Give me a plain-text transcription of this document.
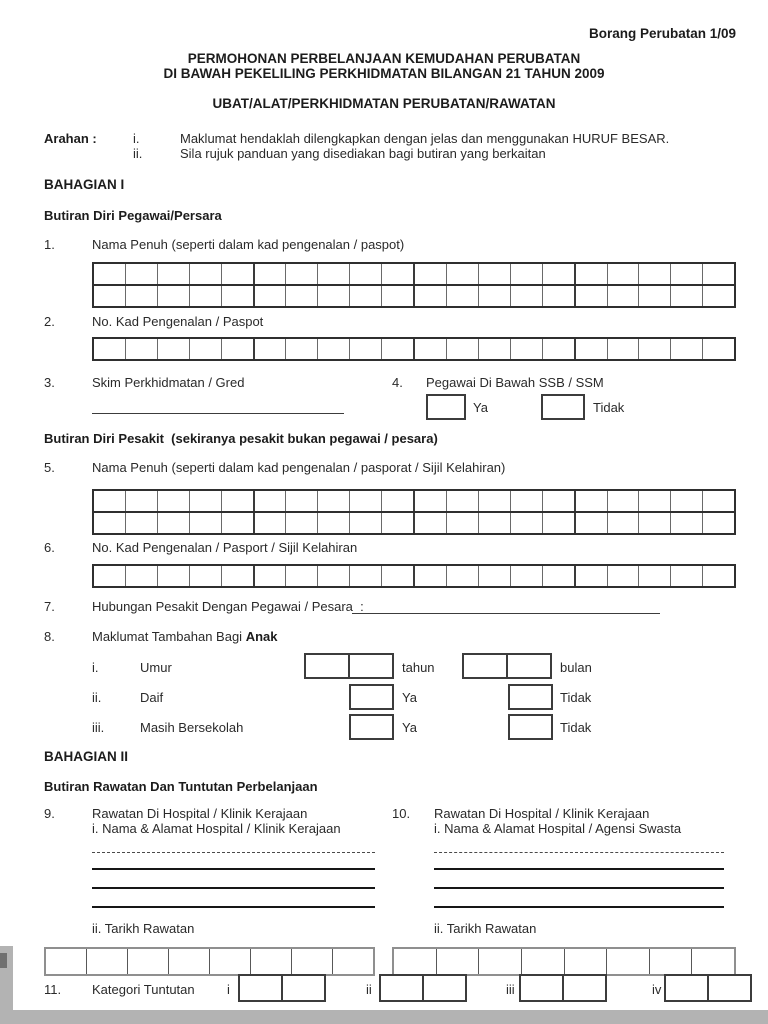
Borang Perubatan 1/09
PERMOHONAN PERBELANJAAN KEMUDAHAN PERUBATAN
DI BAWAH PEKELILING PERKHIDMATAN BILANGAN 21 TAHUN 2009
UBAT/ALAT/PERKHIDMATAN PERUBATAN/RAWATAN
Arahan :	i.	Maklumat hendaklah dilengkapkan dengan jelas dan menggunakan HURUF BESAR.
ii.	Sila rujuk panduan yang disediakan bagi butiran yang berkaitan
BAHAGIAN I
Butiran Diri Pegawai/Persara
1.	Nama Penuh (seperti dalam kad pengenalan / paspot)
2.	No. Kad Pengenalan / Paspot
3.	Skim Perkhidmatan / Gred	4. Pegawai Di Bawah SSB / SSM
Ya	Tidak
Butiran Diri Pesakit  (sekiranya pesakit bukan pegawai / pesara)
5.	Nama Penuh (seperti dalam kad pengenalan / pasporat / Sijil Kelahiran)
6.	No. Kad Pengenalan / Pasport / Sijil Kelahiran
7.	Hubungan Pesakit Dengan Pegawai / Pesara  :
8.	Maklumat Tambahan Bagi Anak
i.	Umur	tahun	bulan
ii.	Daif	Ya	Tidak
iii.	Masih Bersekolah	Ya	Tidak
BAHAGIAN II
Butiran Rawatan Dan Tuntutan Perbelanjaan
9.	Rawatan Di Hospital / Klinik Kerajaan
i. Nama & Alamat Hospital / Klinik Kerajaan
10. Rawatan Di Hospital / Klinik Kerajaan
i. Nama & Alamat Hospital / Agensi Swasta
ii. Tarikh Rawatan	ii. Tarikh Rawatan
11. Kategori Tuntutan i	ii	iii	iv
